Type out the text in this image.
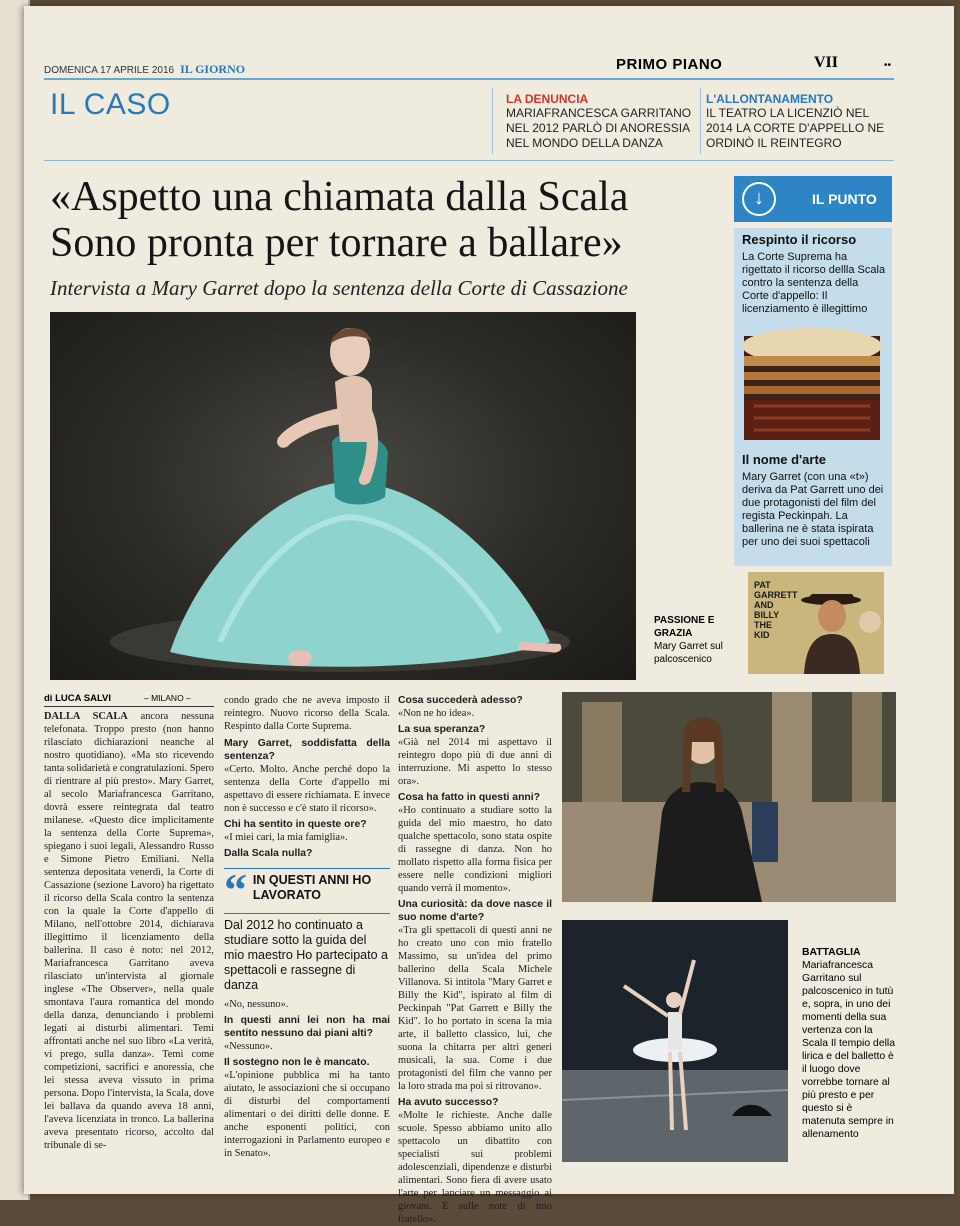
DOMENICA 17 APRILE 2016 IL GIORNO	PRIMO PIANO	VII	••
IL CASO	LA DENUNCIA
MARIAFRANCESCA GARRITANO NEL 2012 PARLÒ DI ANORESSIA NEL MONDO DELLA DANZA
L'ALLONTANAMENTO
IL TEATRO LA LICENZIÒ NEL 2014 LA CORTE D'APPELLO NE ORDINÒ IL REINTEGRO
«Aspetto una chiamata dalla Scala
Sono pronta per tornare a ballare»
Intervista a Mary Garret dopo la sentenza della Corte di Cassazione
PASSIONE E GRAZIA
Mary Garret sul palcoscenico
↓	IL PUNTO
Respinto il ricorso
La Corte Suprema ha rigettato il ricorso dellla Scala contro la sentenza della Corte d'appello: Il licenziamento è illegittimo
Il nome d'arte
Mary Garret (con una «t») deriva da Pat Garrett uno dei due protagonisti del film del regista Peckinpah. La ballerina ne è stata ispirata per uno dei suoi spettacoli
PAT
GARRETT
AND
BILLY
THE
KID
di LUCA SALVI	– MILANO –

DALLA SCALA ancora nessuna telefonata. Troppo presto (non hanno rilasciato dichiarazioni neanche al nostro quotidiano). «Ma sto ricevendo tanta solidarietà e congratulazioni. Spero di rientrare al più presto». Mary Garret, al secolo Mariafrancesca Garritano, dovrà essere reintegrata dal teatro milanese. «Questo dice implicitamente la sentenza della Corte Suprema», spiegano i suoi legali, Alessandro Russo e Simone Pietro Emiliani. Nella sentenza depositata venerdì, la Corte di Cassazione (sezione Lavoro) ha rigettato il ricorso della Scala contro la sentenza con la quale la Corte d'appello di Milano, nell'ottobre 2014, dichiarava illegittimo il licenziamento della ballerina. Il caso è noto: nel 2012, Mariafrancesca Garritano aveva rilasciato un'intervista al giornale inglese «The Observer», nella quale smontava l'aura romantica del mondo della danza, denunciando i problemi legati ai disturbi alimentari. Temi affrontati anche nel suo libro «La verità, vi prego, sulla danza». Temi come competizioni, sacrifici e anoressia, che lei stessa aveva vissuto in prima persona. Dopo l'intervista, la Scala, dove lei ballava da quando aveva 18 anni, l'aveva licenziata in tronco. La ballerina aveva presentato ricorso, accolto dal tribunale di se-

condo grado che ne aveva imposto il reintegro. Nuovo ricorso della Scala. Respinto dalla Corte Suprema.

Mary Garret, soddisfatta della sentenza?

«Certo. Molto. Anche perché dopo la sentenza della Corte d'appello mi aspettavo di essere richiamata. E invece non è successo e c'è stato il ricorso».

Chi ha sentito in queste ore?

«I miei cari, la mia famiglia».

Dalla Scala nulla?

“ IN QUESTI ANNI HO LAVORATO
Dal 2012 ho continuato a studiare sotto la guida del mio maestro Ho partecipato a spettacoli e rassegne di danza

«No, nessuno».

In questi anni lei non ha mai sentito nessuno dai piani alti?

«Nessuno».

Il sostegno non le è mancato.

«L'opinione pubblica mi ha tanto aiutato, le associazioni che si occupano di disturbi del comportamenti alimentari o dei diritti delle donne. E anche esponenti politici, con interrogazioni in Parlamento europeo e in Senato».

Cosa succederà adesso?

«Non ne ho idea».

La sua speranza?

«Già nel 2014 mi aspettavo il reintegro dopo più di due anni di interruzione. Mi aspetto lo stesso ora».

Cosa ha fatto in questi anni?

«Ho continuato a studiare sotto la guida del mio maestro, ho dato qualche spettacolo, sono stata ospite di rassegne di danza. Non ho mollato rispetto alla forma fisica per essere nelle condizioni migliori quando verrà il momento».

Una curiosità: da dove nasce il suo nome d'arte?

«Tra gli spettacoli di questi anni ne ho creato uno con mio fratello Massimo, su un'idea del primo ballerino della Scala Michele Villanova. Si intitola "Mary Garret e Billy the Kid", ispirato al film di Peckinpah "Pat Garrett e Billy the Kid". Io ho portato in scena la mia arte, il balletto classico, lui, che suona la chitarra per altri generi musicali, la sua. Come i due protagonisti del film che vanno per la loro strada ma poi si ritrovano».

Ha avuto successo?

«Molte le richieste. Anche dalle scuole. Spesso abbiamo unito allo spettacolo un dibattito con specialisti sui problemi adolescenziali, dipendenze e disturbi alimentari. Sono fiera di avere usato l'arte per lanciare un messaggio ai giovani. E sulle note di mio fratello».

BATTAGLIA
Mariafrancesca Garritano sul palcoscenico in tutù e, sopra, in uno dei momenti della sua vertenza con la Scala Il tempio della lirica e del balletto è il luogo dove vorrebbe tornare al più presto e per questo si è matenuta sempre in allenamento
